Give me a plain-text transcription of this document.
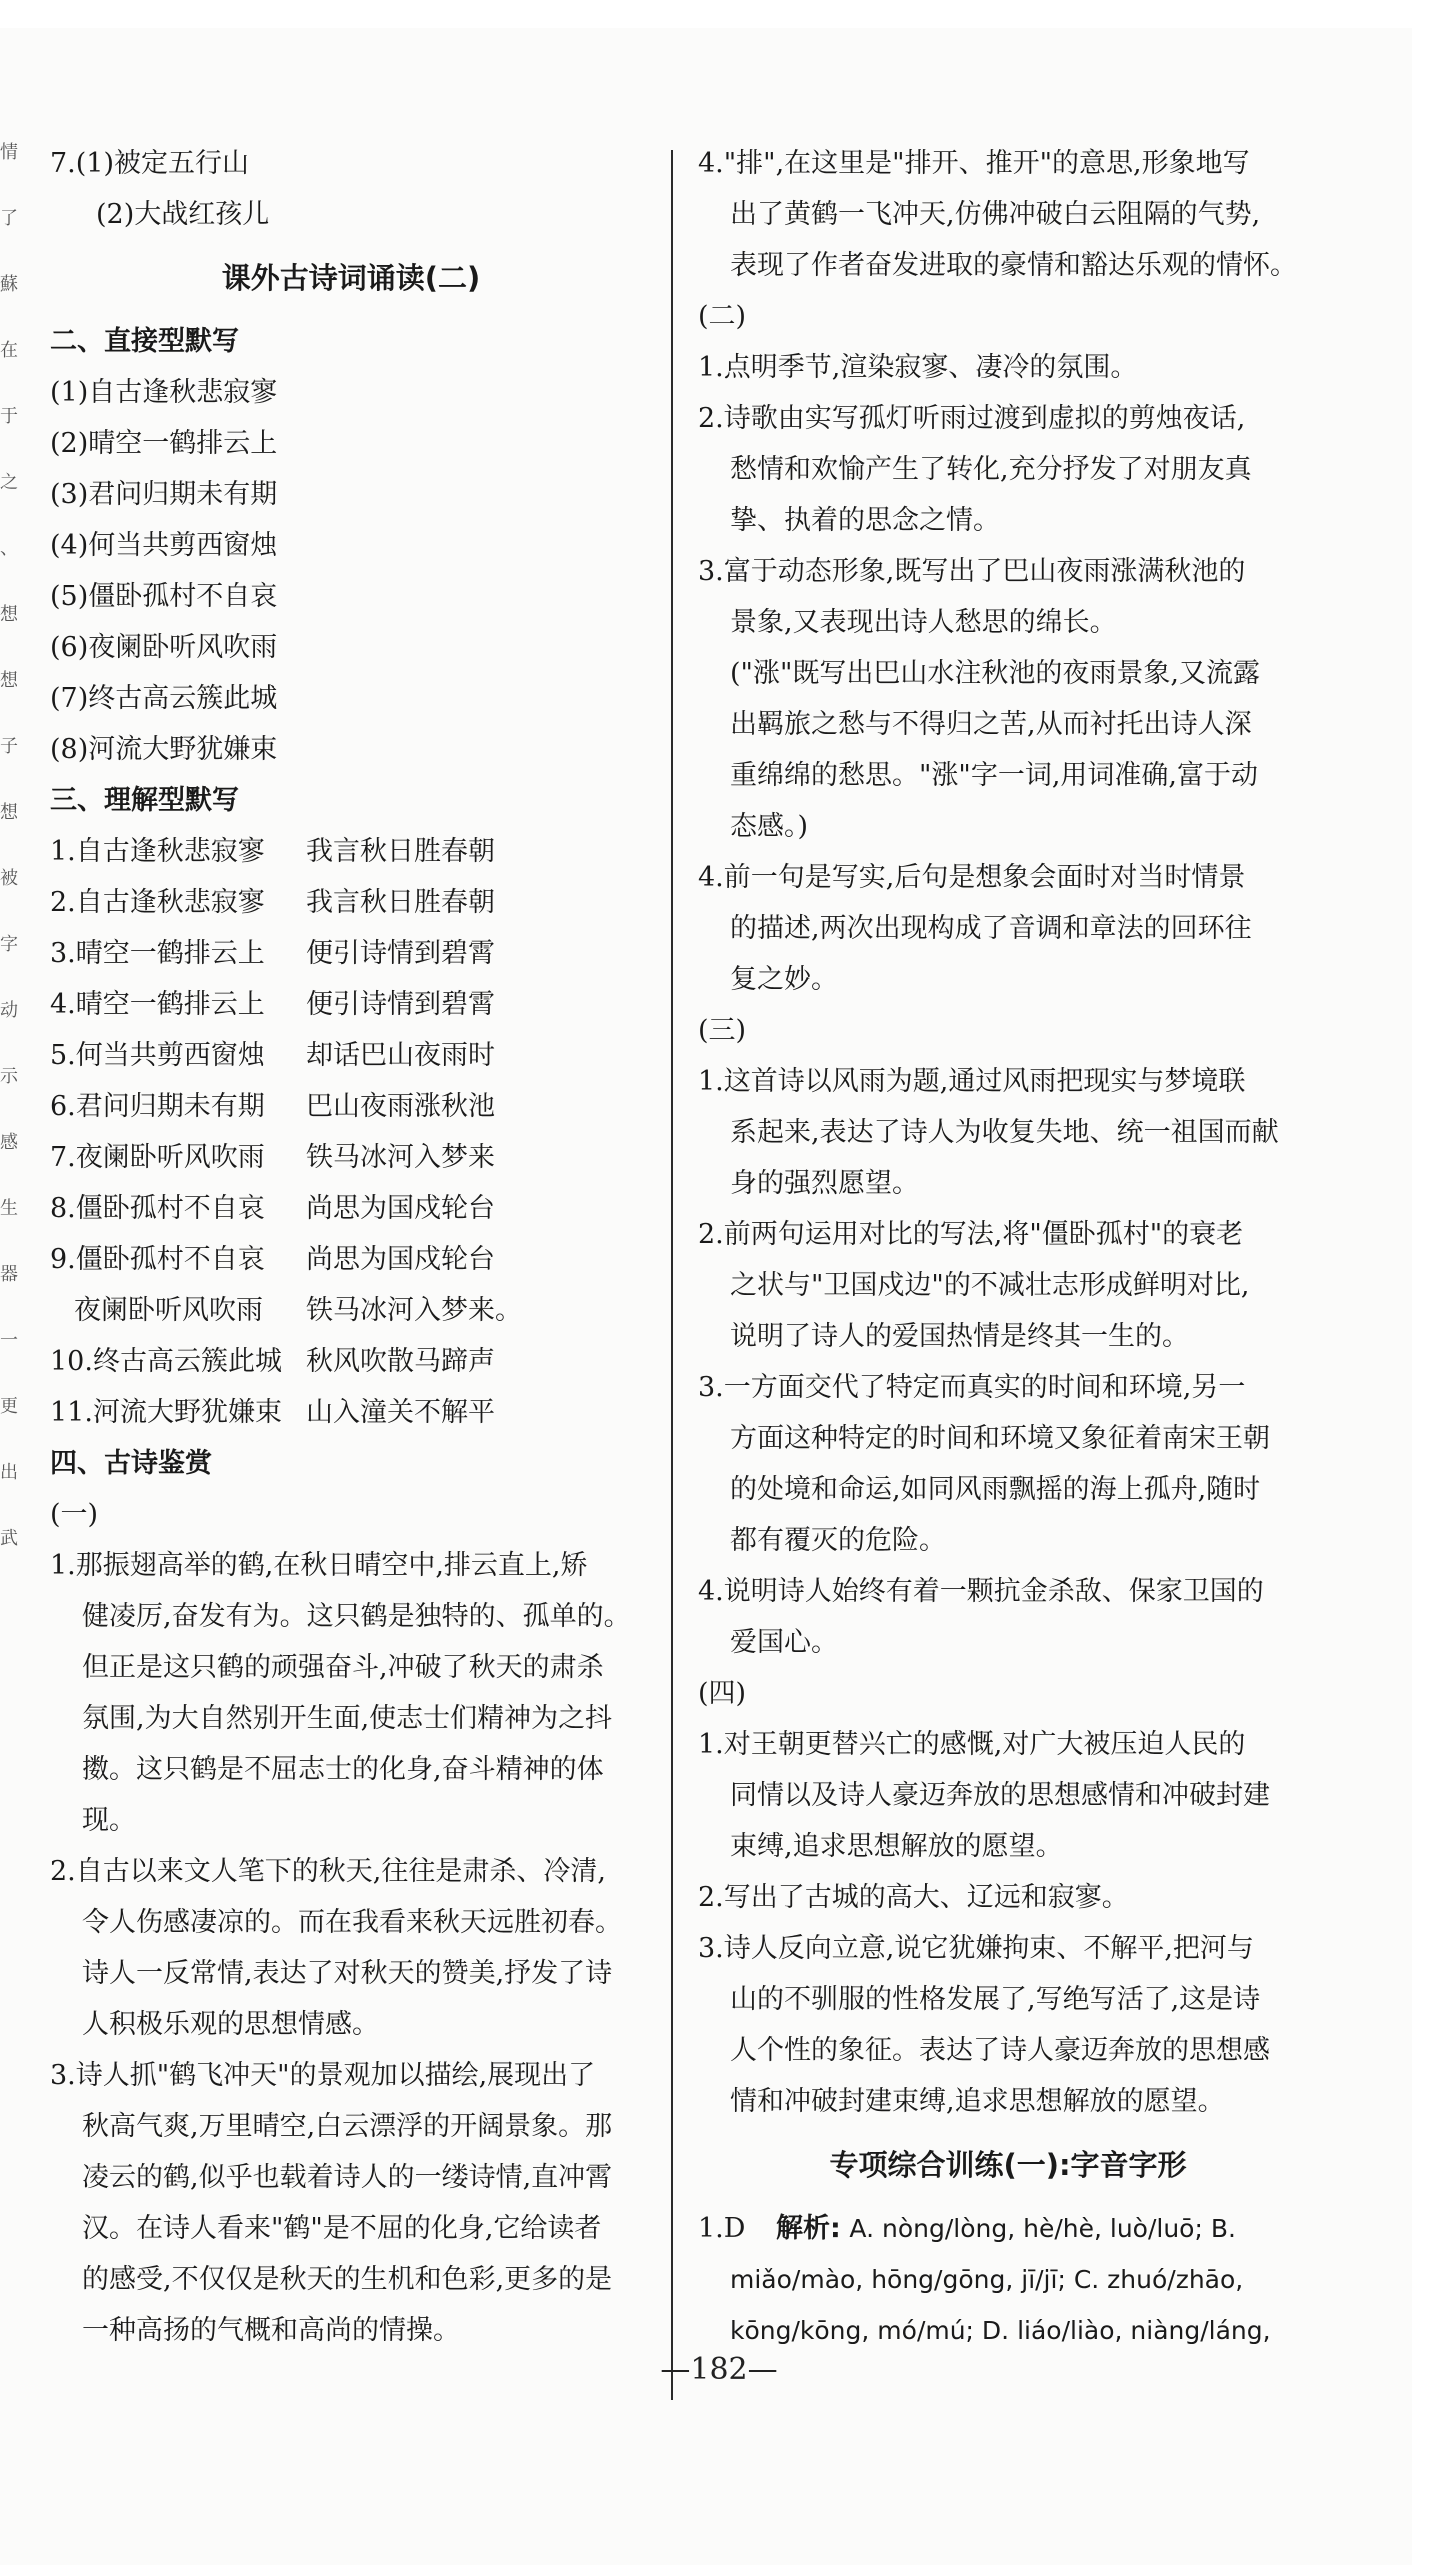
情
了
蘇
在
于
之
、
想
想
子
想
被
字
动
示
感
生
器
一
更
出
武
7.(1)被定五行山
(2)大战红孩儿
课外古诗词诵读(二)
二、直接型默写
(1)自古逢秋悲寂寥
(2)晴空一鹤排云上
(3)君问归期未有期
(4)何当共剪西窗烛
(5)僵卧孤村不自哀
(6)夜阑卧听风吹雨
(7)终古高云簇此城
(8)河流大野犹嫌束
三、理解型默写
1.自古逢秋悲寂寥 我言秋日胜春朝
2.自古逢秋悲寂寥 我言秋日胜春朝
3.晴空一鹤排云上 便引诗情到碧霄
4.晴空一鹤排云上 便引诗情到碧霄
5.何当共剪西窗烛 却话巴山夜雨时
6.君问归期未有期 巴山夜雨涨秋池
7.夜阑卧听风吹雨 铁马冰河入梦来
8.僵卧孤村不自哀 尚思为国戍轮台
9.僵卧孤村不自哀 尚思为国戍轮台
夜阑卧听风吹雨 铁马冰河入梦来。
10.终古高云簇此城 秋风吹散马蹄声
11.河流大野犹嫌束 山入潼关不解平
四、古诗鉴赏
(一)
1.那振翅高举的鹤,在秋日晴空中,排云直上,矫
健凌厉,奋发有为。这只鹤是独特的、孤单的。
但正是这只鹤的顽强奋斗,冲破了秋天的肃杀
氛围,为大自然别开生面,使志士们精神为之抖
擞。这只鹤是不屈志士的化身,奋斗精神的体
现。
2.自古以来文人笔下的秋天,往往是肃杀、冷清,
令人伤感凄凉的。而在我看来秋天远胜初春。
诗人一反常情,表达了对秋天的赞美,抒发了诗
人积极乐观的思想情感。
3.诗人抓"鹤飞冲天"的景观加以描绘,展现出了
秋高气爽,万里晴空,白云漂浮的开阔景象。那
凌云的鹤,似乎也载着诗人的一缕诗情,直冲霄
汉。在诗人看来"鹤"是不屈的化身,它给读者
的感受,不仅仅是秋天的生机和色彩,更多的是
一种高扬的气概和高尚的情操。
4."排",在这里是"排开、推开"的意思,形象地写
出了黄鹤一飞冲天,仿佛冲破白云阻隔的气势,
表现了作者奋发进取的豪情和豁达乐观的情怀。
(二)
1.点明季节,渲染寂寥、凄冷的氛围。
2.诗歌由实写孤灯听雨过渡到虚拟的剪烛夜话,
愁情和欢愉产生了转化,充分抒发了对朋友真
挚、执着的思念之情。
3.富于动态形象,既写出了巴山夜雨涨满秋池的
景象,又表现出诗人愁思的绵长。
("涨"既写出巴山水注秋池的夜雨景象,又流露
出羁旅之愁与不得归之苦,从而衬托出诗人深
重绵绵的愁思。"涨"字一词,用词准确,富于动
态感。)
4.前一句是写实,后句是想象会面时对当时情景
的描述,两次出现构成了音调和章法的回环往
复之妙。
(三)
1.这首诗以风雨为题,通过风雨把现实与梦境联
系起来,表达了诗人为收复失地、统一祖国而献
身的强烈愿望。
2.前两句运用对比的写法,将"僵卧孤村"的衰老
之状与"卫国戍边"的不减壮志形成鲜明对比,
说明了诗人的爱国热情是终其一生的。
3.一方面交代了特定而真实的时间和环境,另一
方面这种特定的时间和环境又象征着南宋王朝
的处境和命运,如同风雨飘摇的海上孤舟,随时
都有覆灭的危险。
4.说明诗人始终有着一颗抗金杀敌、保家卫国的
爱国心。
(四)
1.对王朝更替兴亡的感慨,对广大被压迫人民的
同情以及诗人豪迈奔放的思想感情和冲破封建
束缚,追求思想解放的愿望。
2.写出了古城的高大、辽远和寂寥。
3.诗人反向立意,说它犹嫌拘束、不解平,把河与
山的不驯服的性格发展了,写绝写活了,这是诗
人个性的象征。表达了诗人豪迈奔放的思想感
情和冲破封建束缚,追求思想解放的愿望。
专项综合训练(一):字音字形
1.D 解析: A. nòng/lòng, hè/hè, luò/luō; B.
miǎo/mào, hōng/gōng, jī/jī; C. zhuó/zhāo,
kōng/kōng, mó/mú; D. liáo/liào, niàng/láng,
—182—
